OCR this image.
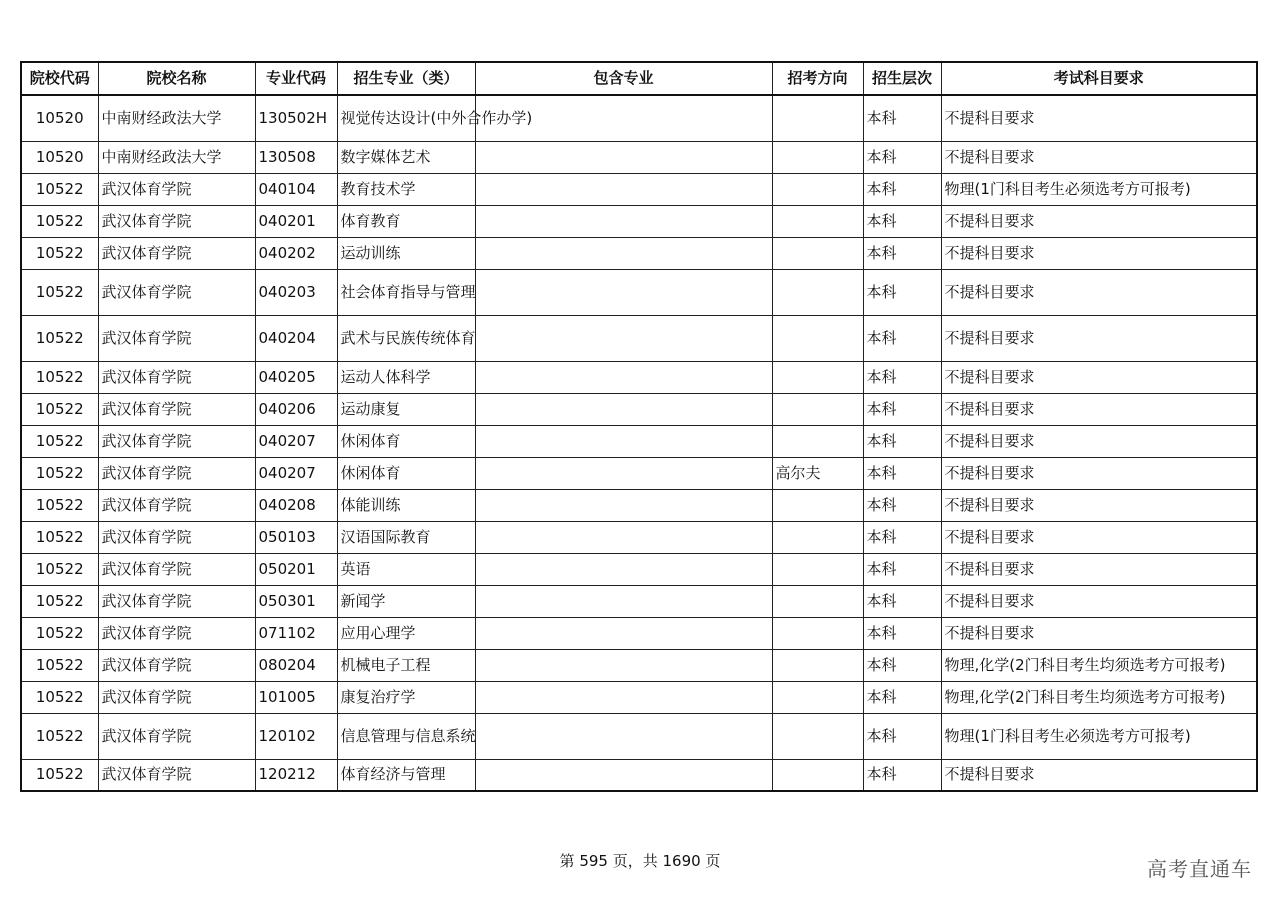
院校代码	院校名称	专业代码	招生专业（类）	包含专业	招考方向	招生层次	考试科目要求
10520	中南财经政法大学	130502H	视觉传达设计(中外合作办学)			本科	不提科目要求
10520	中南财经政法大学	130508	数字媒体艺术			本科	不提科目要求
10522	武汉体育学院	040104	教育技术学			本科	物理(1门科目考生必须选考方可报考)
10522	武汉体育学院	040201	体育教育			本科	不提科目要求
10522	武汉体育学院	040202	运动训练			本科	不提科目要求
10522	武汉体育学院	040203	社会体育指导与管理			本科	不提科目要求
10522	武汉体育学院	040204	武术与民族传统体育			本科	不提科目要求
10522	武汉体育学院	040205	运动人体科学			本科	不提科目要求
10522	武汉体育学院	040206	运动康复			本科	不提科目要求
10522	武汉体育学院	040207	休闲体育			本科	不提科目要求
10522	武汉体育学院	040207	休闲体育		高尔夫	本科	不提科目要求
10522	武汉体育学院	040208	体能训练			本科	不提科目要求
10522	武汉体育学院	050103	汉语国际教育			本科	不提科目要求
10522	武汉体育学院	050201	英语			本科	不提科目要求
10522	武汉体育学院	050301	新闻学			本科	不提科目要求
10522	武汉体育学院	071102	应用心理学			本科	不提科目要求
10522	武汉体育学院	080204	机械电子工程			本科	物理,化学(2门科目考生均须选考方可报考)
10522	武汉体育学院	101005	康复治疗学			本科	物理,化学(2门科目考生均须选考方可报考)
10522	武汉体育学院	120102	信息管理与信息系统			本科	物理(1门科目考生必须选考方可报考)
10522	武汉体育学院	120212	体育经济与管理			本科	不提科目要求
第 595 页，共 1690 页	高考直通车
